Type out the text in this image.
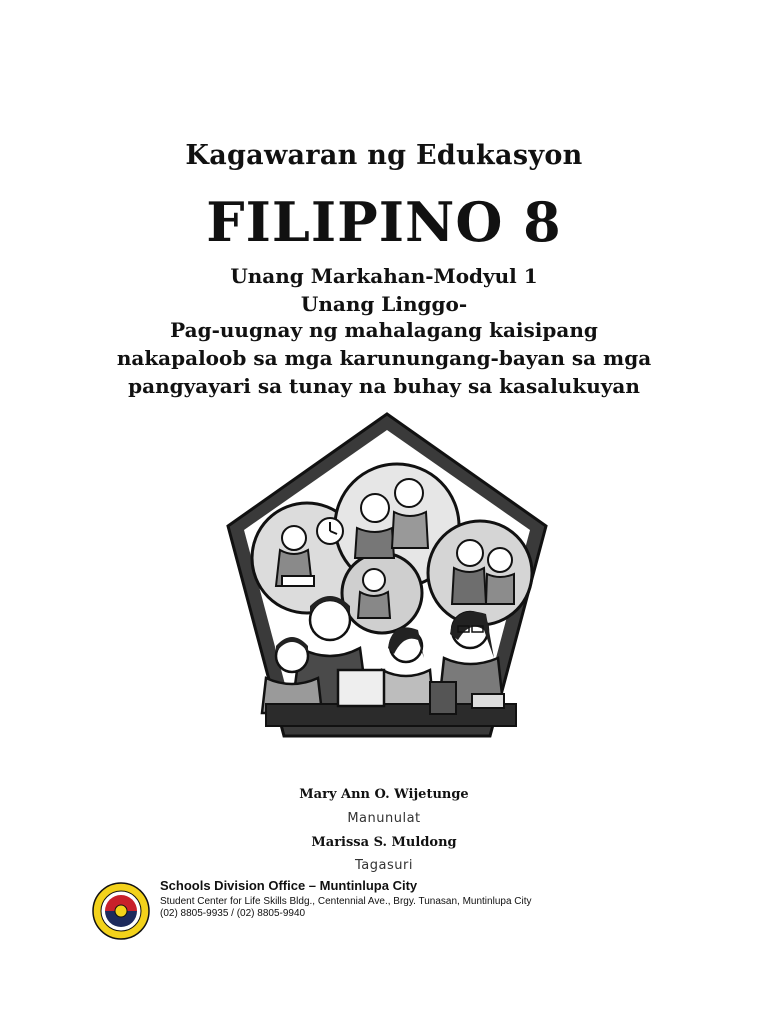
Kagawaran ng Edukasyon
FILIPINO 8
Unang Markahan-Modyul 1
Unang Linggo-
Pag-uugnay ng mahalagang kaisipang
nakapaloob sa mga karunungang-bayan sa mga
pangyayari sa tunay na buhay sa kasalukuyan
Mary Ann O. Wijetunge
Manunulat
Marissa S. Muldong
Tagasuri
Schools Division Office – Muntinlupa City
Student Center for Life Skills Bldg., Centennial Ave., Brgy. Tunasan, Muntinlupa City
(02) 8805-9935 / (02) 8805-9940
